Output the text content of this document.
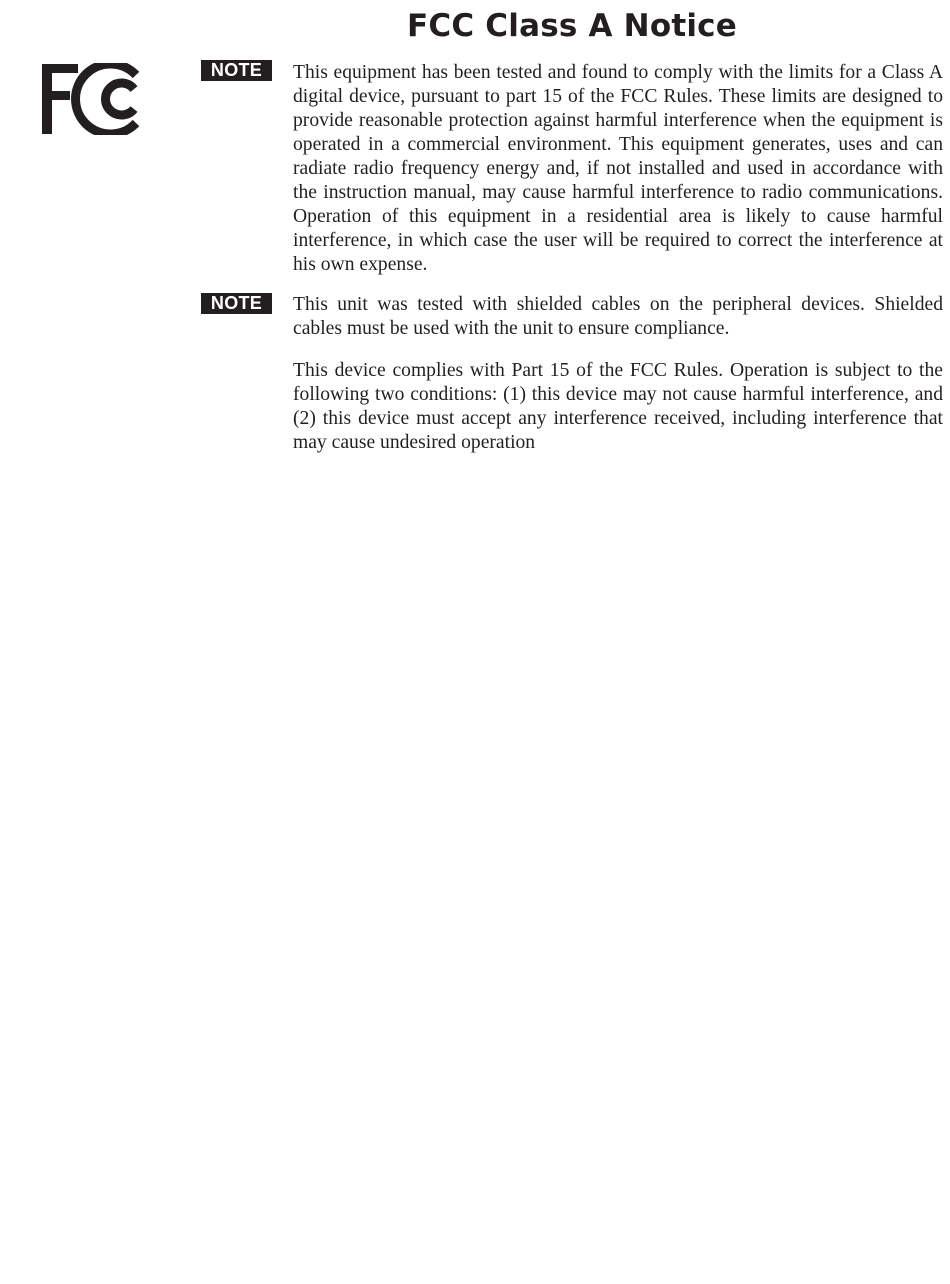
FCC Class A Notice
NOTE	This equipment has been tested and found to comply with the limits for a Class A digital device, pursuant to part 15 of the FCC Rules. These limits are designed to provide reasonable protection against harmful interference when the equipment is operated in a commercial environment. This equipment generates, uses and can radiate radio frequency energy and, if not installed and used in accordance with the instruction manual, may cause harmful interference to radio communications. Operation of this equipment in a residential area is likely to cause harmful interference, in which case the user will be required to correct the interference at his own expense.

NOTE	This unit was tested with shielded cables on the peripheral devices. Shielded cables must be used with the unit to ensure compliance.

This device complies with Part 15 of the FCC Rules. Operation is subject to the following two conditions: (1) this device may not cause harmful interference, and (2) this device must accept any interference received, including interference that may cause undesired operation
